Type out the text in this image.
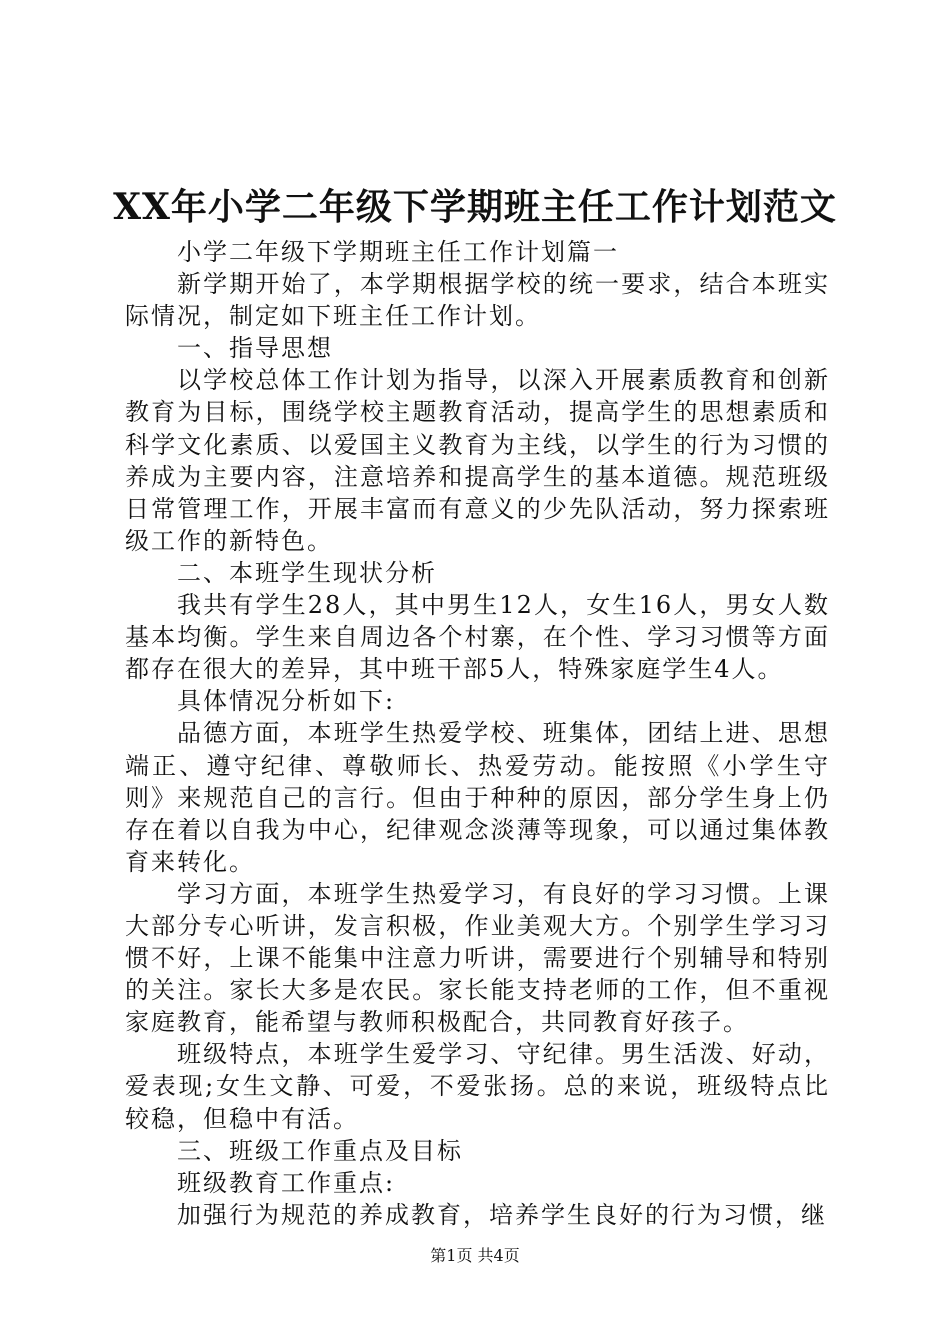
XX年小学二年级下学期班主任工作计划范文

小学二年级下学期班主任工作计划篇一

新学期开始了，本学期根据学校的统一要求，结合本班实际情况，制定如下班主任工作计划。

一、指导思想

以学校总体工作计划为指导，以深入开展素质教育和创新教育为目标，围绕学校主题教育活动，提高学生的思想素质和科学文化素质、以爱国主义教育为主线，以学生的行为习惯的养成为主要内容，注意培养和提高学生的基本道德。规范班级日常管理工作，开展丰富而有意义的少先队活动，努力探索班级工作的新特色。

二、本班学生现状分析

我共有学生28人，其中男生12人，女生16人，男女人数基本均衡。学生来自周边各个村寨，在个性、学习习惯等方面都存在很大的差异，其中班干部5人，特殊家庭学生4人。

具体情况分析如下:

品德方面，本班学生热爱学校、班集体，团结上进、思想端正、遵守纪律、尊敬师长、热爱劳动。能按照《小学生守则》来规范自己的言行。但由于种种的原因，部分学生身上仍存在着以自我为中心，纪律观念淡薄等现象，可以通过集体教育来转化。

学习方面，本班学生热爱学习，有良好的学习习惯。上课大部分专心听讲，发言积极，作业美观大方。个别学生学习习惯不好，上课不能集中注意力听讲，需要进行个别辅导和特别的关注。家长大多是农民。家长能支持老师的工作，但不重视家庭教育，能希望与教师积极配合，共同教育好孩子。

班级特点，本班学生爱学习、守纪律。男生活泼、好动，爱表现;女生文静、可爱，不爱张扬。总的来说，班级特点比较稳，但稳中有活。

三、班级工作重点及目标

班级教育工作重点:

加强行为规范的养成教育，培养学生良好的行为习惯，继

第1页 共4页
